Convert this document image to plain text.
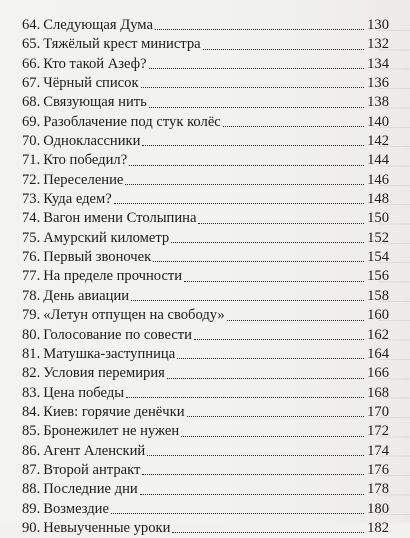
64. Следующая Дума	130
65. Тяжёлый крест министра	132
66. Кто такой Азеф?	134
67. Чёрный список	136
68. Связующая нить	138
69. Разоблачение под стук колёс	140
70. Одноклассники	142
71. Кто победил?	144
72. Переселение	146
73. Куда едем?	148
74. Вагон имени Столыпина	150
75. Амурский километр	152
76. Первый звоночек	154
77. На пределе прочности	156
78. День авиации	158
79. «Летун отпущен на свободу»	160
80. Голосование по совести	162
81. Матушка-заступница	164
82. Условия перемирия	166
83. Цена победы	168
84. Киев: горячие денёчки	170
85. Бронежилет не нужен	172
86. Агент Аленский	174
87. Второй антракт	176
88. Последние дни	178
89. Возмездие	180
90. Невыученные уроки	182
